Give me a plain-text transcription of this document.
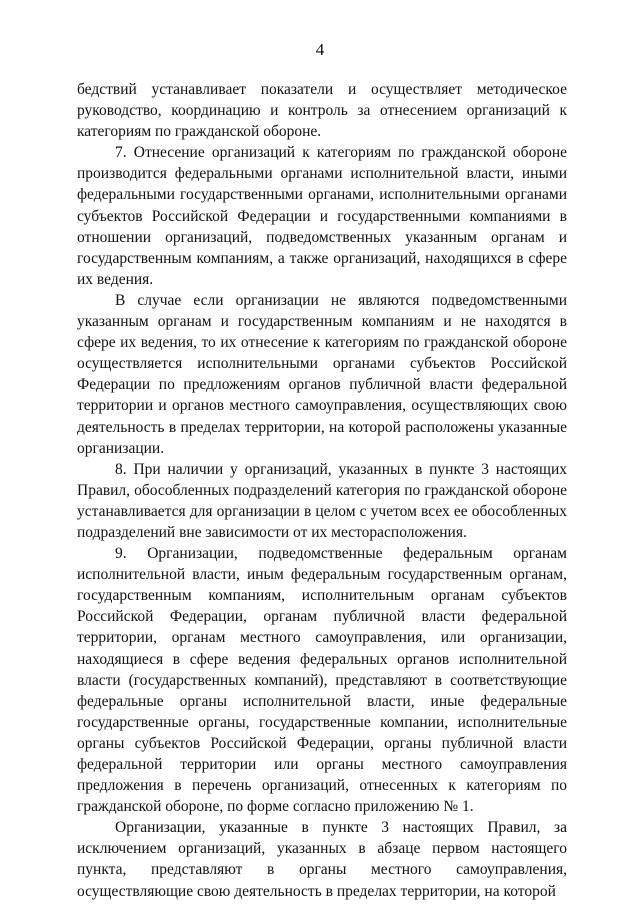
4

бедствий устанавливает показатели и осуществляет методическое руководство, координацию и контроль за отнесением организаций к категориям по гражданской обороне.

7. Отнесение организаций к категориям по гражданской обороне производится федеральными органами исполнительной власти, иными федеральными государственными органами, исполнительными органами субъектов Российской Федерации и государственными компаниями в отношении организаций, подведомственных указанным органам и государственным компаниям, а также организаций, находящихся в сфере их ведения.

В случае если организации не являются подведомственными указанным органам и государственным компаниям и не находятся в сфере их ведения, то их отнесение к категориям по гражданской обороне осуществляется исполнительными органами субъектов Российской Федерации по предложениям органов публичной власти федеральной территории и органов местного самоуправления, осуществляющих свою деятельность в пределах территории, на которой расположены указанные организации.

8. При наличии у организаций, указанных в пункте 3 настоящих Правил, обособленных подразделений категория по гражданской обороне устанавливается для организации в целом с учетом всех ее обособленных подразделений вне зависимости от их месторасположения.

9. Организации, подведомственные федеральным органам исполнительной власти, иным федеральным государственным органам, государственным компаниям, исполнительным органам субъектов Российской Федерации, органам публичной власти федеральной территории, органам местного самоуправления, или организации, находящиеся в сфере ведения федеральных органов исполнительной власти (государственных компаний), представляют в соответствующие федеральные органы исполнительной власти, иные федеральные государственные органы, государственные компании, исполнительные органы субъектов Российской Федерации, органы публичной власти федеральной территории или органы местного самоуправления предложения в перечень организаций, отнесенных к категориям по гражданской обороне, по форме согласно приложению № 1.

Организации, указанные в пункте 3 настоящих Правил, за исключением организаций, указанных в абзаце первом настоящего пункта, представляют в органы местного самоуправления, осуществляющие свою деятельность в пределах территории, на которой
